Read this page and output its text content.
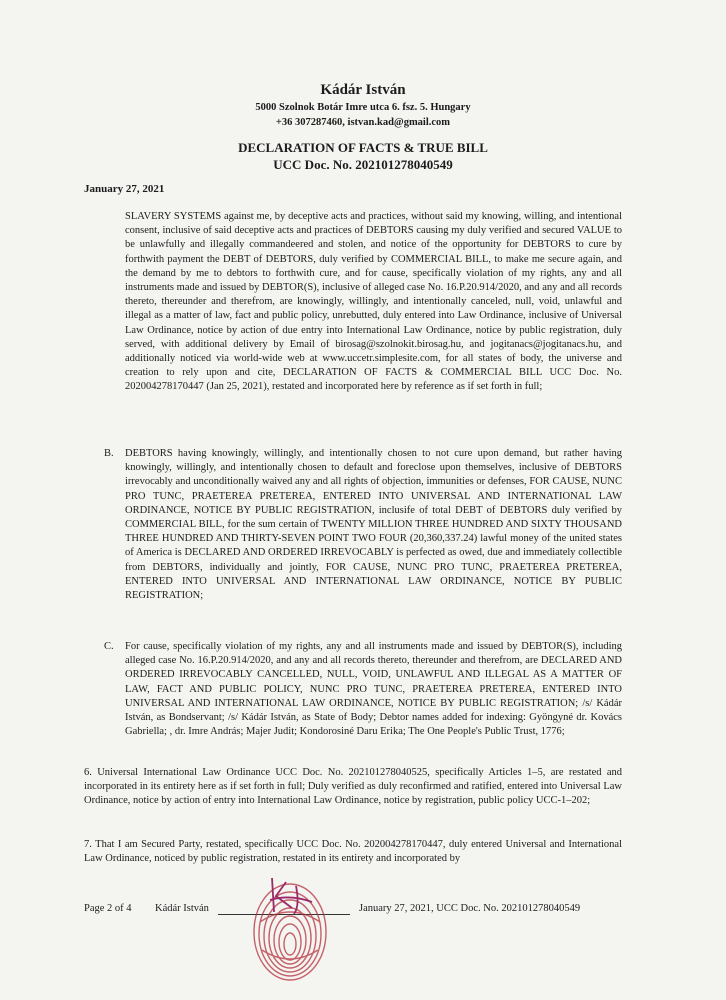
Kádár István
5000 Szolnok Botár Imre utca 6. fsz. 5. Hungary
+36 307287460, istvan.kad@gmail.com
DECLARATION OF FACTS & TRUE BILL
UCC Doc. No. 202101278040549
January 27, 2021
SLAVERY SYSTEMS against me, by deceptive acts and practices, without said my knowing, willing, and intentional consent, inclusive of said deceptive acts and practices of DEBTORS causing my duly verified and secured VALUE to be unlawfully and illegally commandeered and stolen, and notice of the opportunity for DEBTORS to cure by forthwith payment the DEBT of DEBTORS, duly verified by COMMERCIAL BILL, to make me secure again, and the demand by me to debtors to forthwith cure, and for cause, specifically violation of my rights, any and all instruments made and issued by DEBTOR(S), inclusive of alleged case No. 16.P.20.914/2020, and any and all records thereto, thereunder and therefrom, are knowingly, willingly, and intentionally canceled, null, void, unlawful and illegal as a matter of law, fact and public policy, unrebutted, duly entered into Law Ordinance, inclusive of Universal Law Ordinance, notice by action of due entry into International Law Ordinance, notice by public registration, duly served, with additional delivery by Email of birosag@szolnokit.birosag.hu, and jogitanacs@jogitanacs.hu, and additionally noticed via world-wide web at www.uccetr.simplesite.com, for all states of body, the universe and creation to rely upon and cite, DECLARATION OF FACTS & COMMERCIAL BILL UCC Doc. No. 202004278170447 (Jan 25, 2021), restated and incorporated here by reference as if set forth in full;
B. DEBTORS having knowingly, willingly, and intentionally chosen to not cure upon demand, but rather having knowingly, willingly, and intentionally chosen to default and foreclose upon themselves, inclusive of DEBTORS irrevocably and unconditionally waived any and all rights of objection, immunities or defenses, FOR CAUSE, NUNC PRO TUNC, PRAETEREA PRETEREA, ENTERED INTO UNIVERSAL AND INTERNATIONAL LAW ORDINANCE, NOTICE BY PUBLIC REGISTRATION, inclusife of total DEBT of DEBTORS duly verified by COMMERCIAL BILL, for the sum certain of TWENTY MILLION THREE HUNDRED AND SIXTY THOUSAND THREE HUNDRED AND THIRTY-SEVEN POINT TWO FOUR (20,360,337.24) lawful money of the united states of America is DECLARED AND ORDERED IRREVOCABLY is perfected as owed, due and immediately collectible from DEBTORS, individually and jointly, FOR CAUSE, NUNC PRO TUNC, PRAETEREA PRETEREA, ENTERED INTO UNIVERSAL AND INTERNATIONAL LAW ORDINANCE, NOTICE BY PUBLIC REGISTRATION;
C. For cause, specifically violation of my rights, any and all instruments made and issued by DEBTOR(S), including alleged case No. 16.P.20.914/2020, and any and all records thereto, thereunder and therefrom, are DECLARED AND ORDERED IRREVOCABLY CANCELLED, NULL, VOID, UNLAWFUL AND ILLEGAL AS A MATTER OF LAW, FACT AND PUBLIC POLICY, NUNC PRO TUNC, PRAETEREA PRETEREA, ENTERED INTO UNIVERSAL AND INTERNATIONAL LAW ORDINANCE, NOTICE BY PUBLIC REGISTRATION; /s/ Kádár István, as Bondservant; /s/ Kádár István, as State of Body; Debtor names added for indexing: Gyöngyné dr. Kovács Gabriella; , dr. Imre András; Majer Judit; Kondorosiné Daru Erika; The One People's Public Trust, 1776;
6. Universal International Law Ordinance UCC Doc. No. 202101278040525, specifically Articles 1–5, are restated and incorporated in its entirety here as if set forth in full; Duly verified as duly reconfirmed and ratified, entered into Universal Law Ordinance, notice by action of entry into International Law Ordinance, notice by registration, public policy UCC-1–202;
7. That I am Secured Party, restated, specifically UCC Doc. No. 202004278170447, duly entered Universal and International Law Ordinance, noticed by public registration, restated in its entirety and incorporated by
Page 2 of 4 Kádár István	January 27, 2021, UCC Doc. No. 202101278040549
